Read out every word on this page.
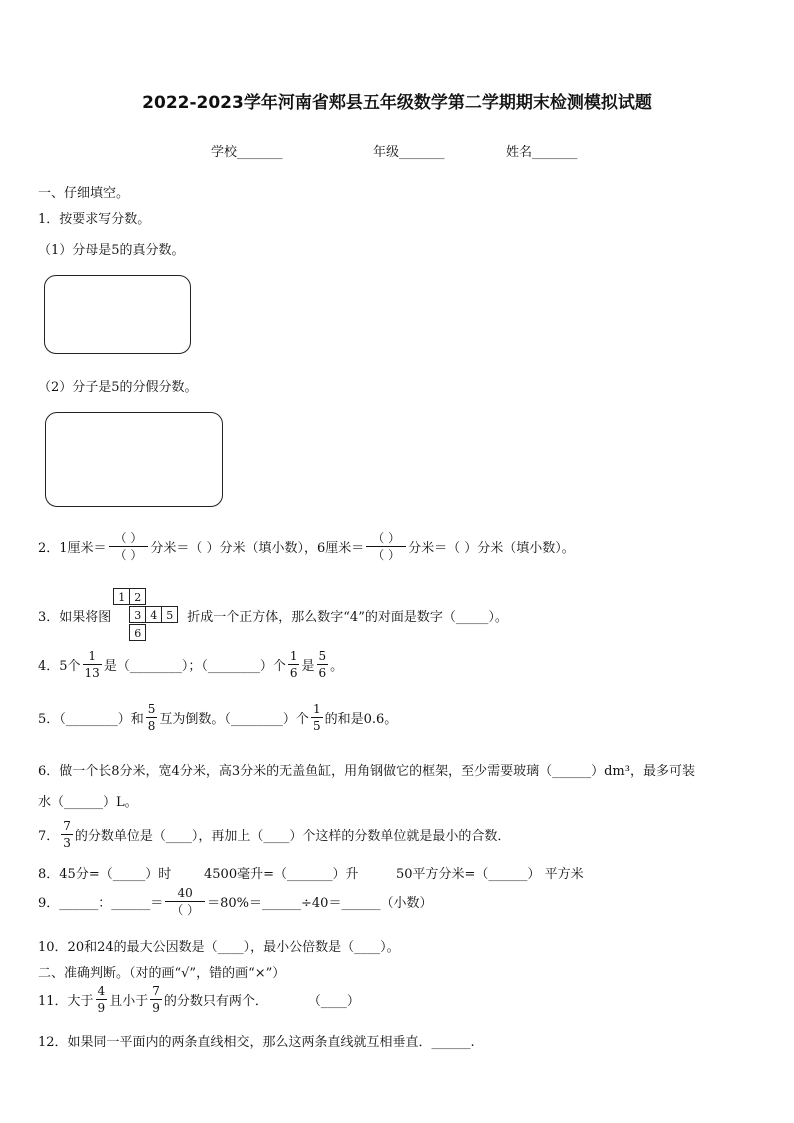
2022-2023学年河南省郏县五年级数学第二学期期末检测模拟试题
学校_______	年级_______	姓名_______
一、仔细填空。
1．按要求写分数。
（1）分母是5的真分数。
（2）分子是5的分假分数。
2．1厘米＝ $\frac{( )}{( )}$ 分米＝（ ）分米（填小数），6厘米＝ $\frac{( )}{( )}$ 分米＝（ ）分米（填小数）。
3．如果将图
1 2
3 4 5
6
折成一个正方体，那么数字“4”的对面是数字（_____）。
4．5个 $\frac{1}{13}$ 是（________）；（________）个 $\frac{1}{6}$ 是 $\frac{5}{6}$ 。
5．（________）和 $\frac{5}{8}$ 互为倒数。（________）个 $\frac{1}{5}$ 的和是0.6。
6．做一个长8分米，宽4分米，高3分米的无盖鱼缸，用角钢做它的框架，至少需要玻璃（______）dm³，最多可装
水（______）L。
7． $\frac{7}{3}$ 的分数单位是（____），再加上（____）个这样的分数单位就是最小的合数．
8．45分=（_____）时	4500毫升=（_______）升	50平方分米=（______） 平方米
9．______：______＝ $\frac{40}{( )}$ ＝80%＝______÷40＝______（小数）
10．20和24的最大公因数是（____），最小公倍数是（____）。
二、准确判断。（对的画“√”，错的画“×”）
11．大于 $\frac{4}{9}$ 且小于 $\frac{7}{9}$ 的分数只有两个．	（____）
12．如果同一平面内的两条直线相交，那么这两条直线就互相垂直．______.
